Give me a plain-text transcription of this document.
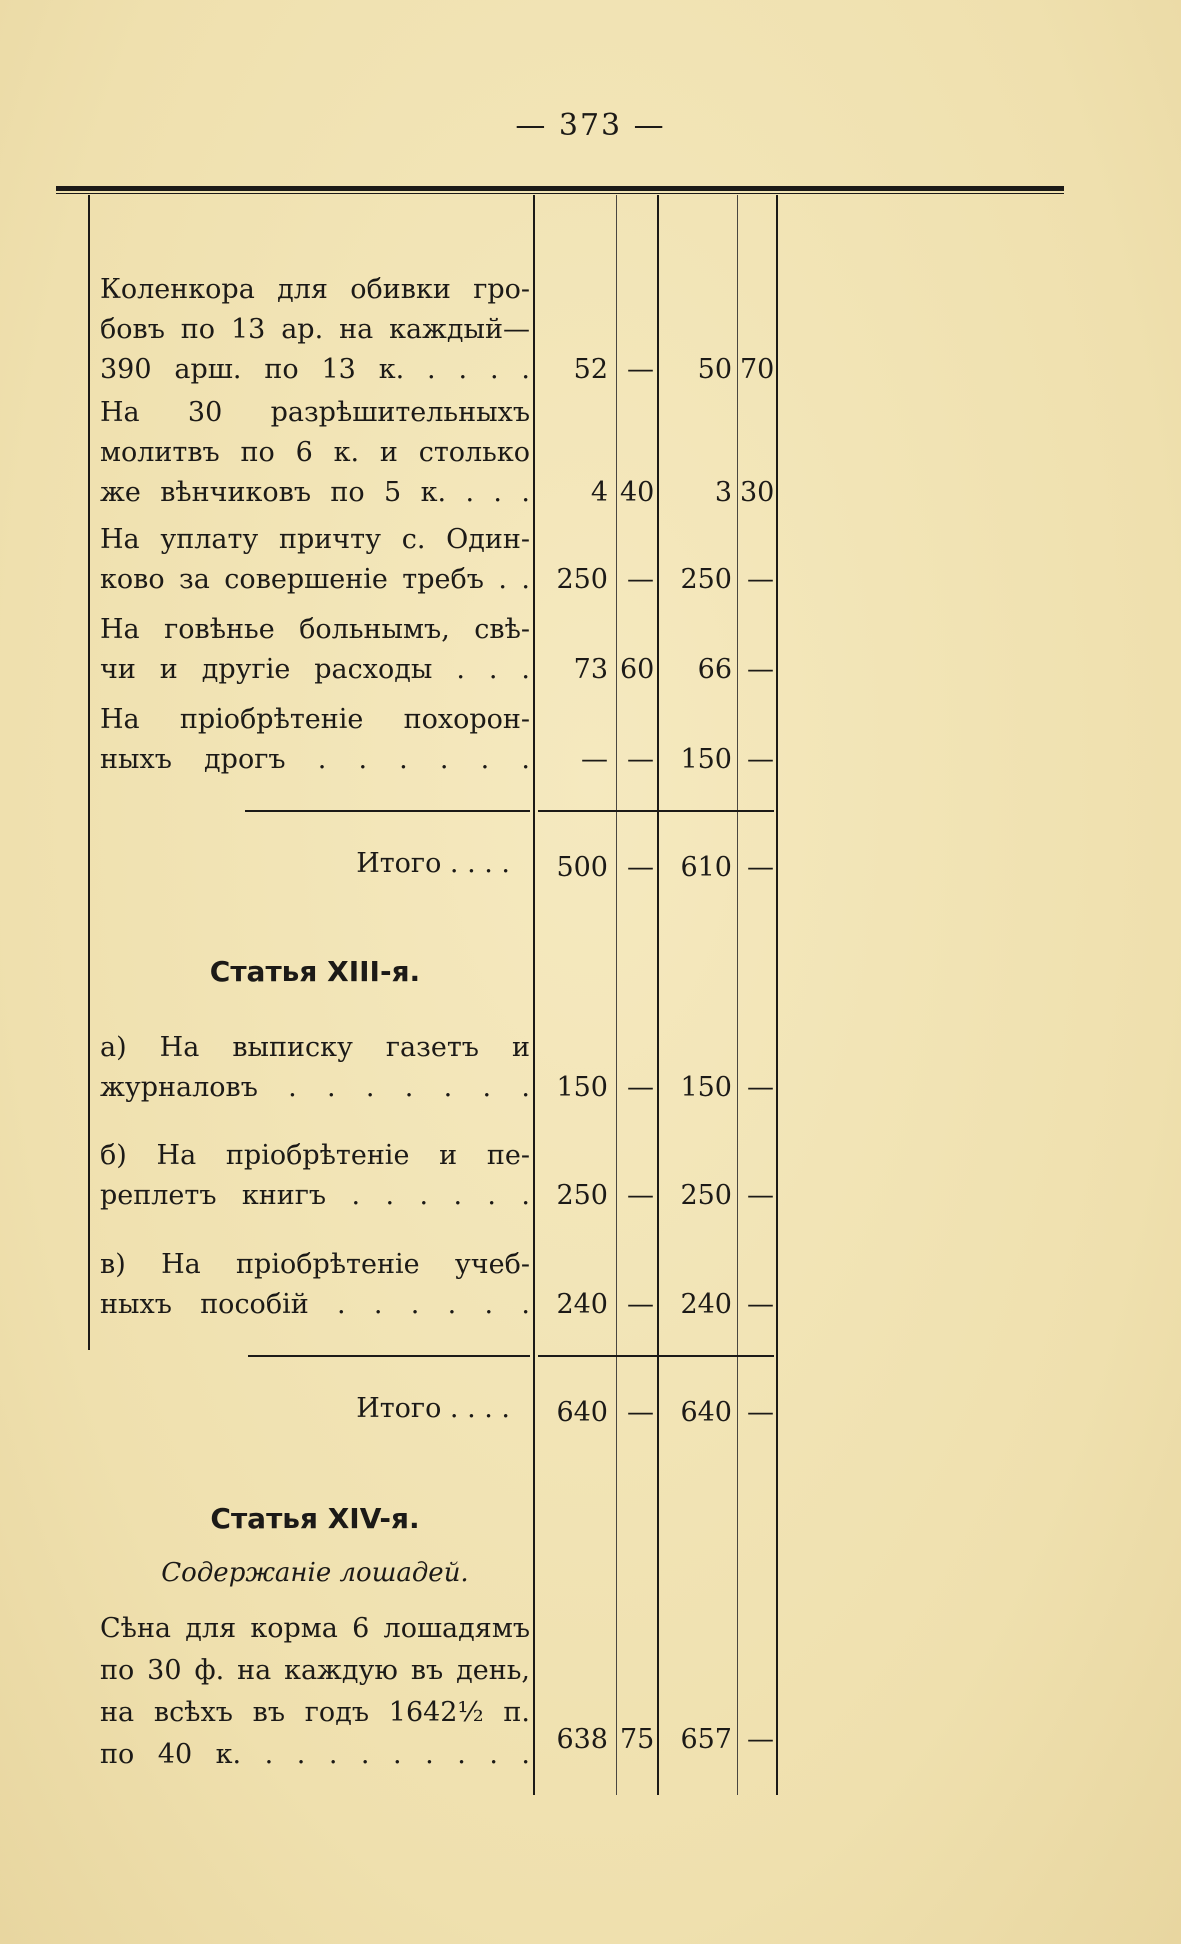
— 373 —
Коленкора для обивки гро-
бовъ по 13 ар. на каждый—
390 арш. по 13 к. . . . .	52 —	50 70
На 30 разрѣшительныхъ
молитвъ по 6 к. и столько
же вѣнчиковъ по 5 к. . . .	4 40	3 30
На уплату причту с. Один-
ково за совершеніе требъ . . 250 — 250 —
На говѣнье больнымъ, свѣ-
чи и другіе расходы . . .	73 60	66 —
На пріобрѣтеніе похорон-
ныхъ дрогъ . . . . . .	— — 150 —
Итого . . . .	500 — 610 —
Статья XIII-я.
а) На выписку газетъ и
журналовъ . . . . . . . 150 — 150 —
б) На пріобрѣтеніе и пе-
реплетъ книгъ . . . . . . 250 — 250 —
в) На пріобрѣтеніе учеб-
ныхъ пособій . . . . . . 240 — 240 —
Итого . . . .	640 — 640 —
Статья XIV-я.
Содержаніе лошадей.
Сѣна для корма 6 лошадямъ
по 30 ф. на каждую въ день,
на всѣхъ въ годъ 1642½ п.
по 40 к. . . . . . . . . . 638 75 657 —
